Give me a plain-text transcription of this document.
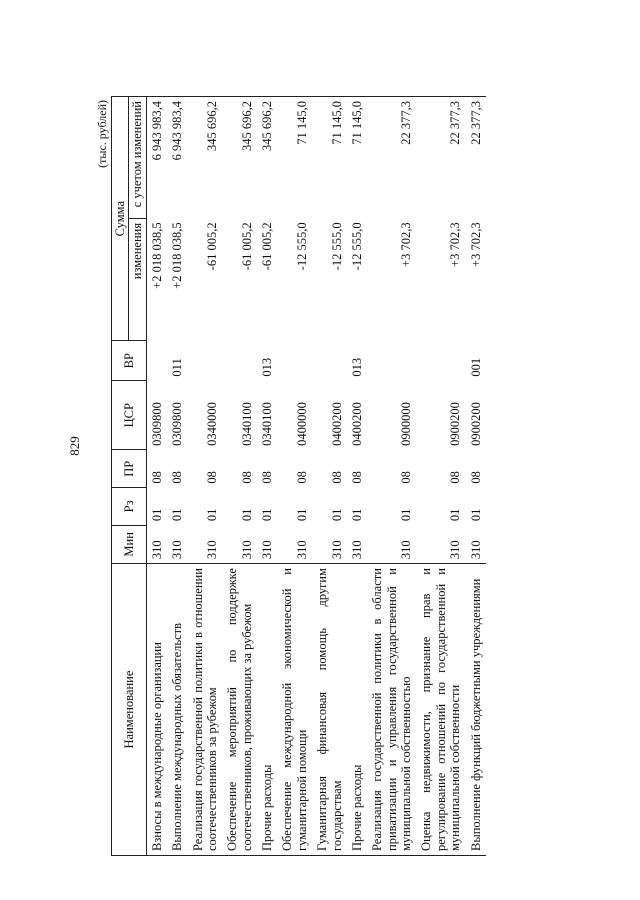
829
(тыс. рублей)
Наименование	Мин	Рз	ПР	ЦСР	ВР	Сумма	
						изменения	с учетом изменений
Взносы в международные организации	310	01	08	0309800		+2 018 038,5	6 943 983,4
Выполнение международных обязательств	310	01	08	0309800	011	+2 018 038,5	6 943 983,4
Реализация государственной политики в отношении соотечественников за рубежом	310	01	08	0340000		-61 005,2	345 696,2
Обеспечение мероприятий по поддержке соотечественников, проживающих за рубежом	310	01	08	0340100		-61 005,2	345 696,2
Прочие расходы	310	01	08	0340100	013	-61 005,2	345 696,2
Обеспечение международной экономической и гуманитарной помощи	310	01	08	0400000		-12 555,0	71 145,0
Гуманитарная финансовая помощь другим государствам	310	01	08	0400200		-12 555,0	71 145,0
Прочие расходы	310	01	08	0400200	013	-12 555,0	71 145,0
Реализация государственной политики в области приватизации и управления государственной и муниципальной собственностью	310	01	08	0900000		+3 702,3	22 377,3
Оценка недвижимости, признание прав и регулирование отношений по государственной и муниципальной собственности	310	01	08	0900200		+3 702,3	22 377,3
Выполнение функций бюджетными учреждениями	310	01	08	0900200	001	+3 702,3	22 377,3
